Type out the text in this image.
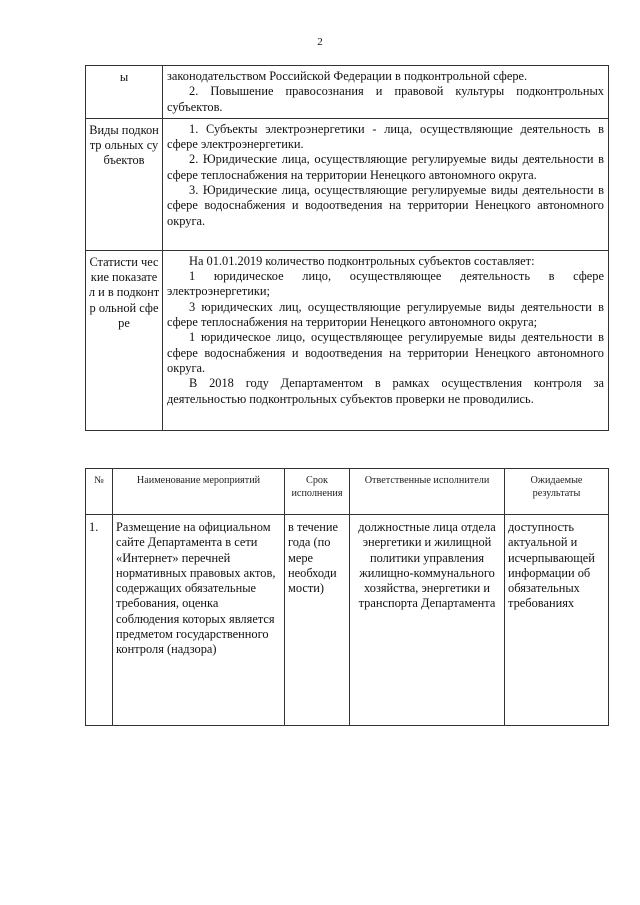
2
ы	законодательством Российской Федерации в подконтрольной сфере.
2. Повышение правосознания и правовой культуры подконтрольных субъектов.

Виды подконтр ольных субъектов	1. Субъекты электроэнергетики - лица, осуществляющие деятельность в сфере электроэнергетики.
2. Юридические лица, осуществляющие регулируемые виды деятельности в сфере теплоснабжения на территории Ненецкого автономного округа.
3. Юридические лица, осуществляющие регулируемые виды деятельности в сфере водоснабжения и водоотведения на территории Ненецкого автономного округа.

Статисти ческие показател и в подконтр ольной сфере	На 01.01.2019 количество подконтрольных субъектов составляет:
1 юридическое лицо, осуществляющее деятельность в сфере электроэнергетики;
3 юридических лиц, осуществляющие регулируемые виды деятельности в сфере теплоснабжения на территории Ненецкого автономного округа;
1 юридическое лицо, осуществляющее регулируемые виды деятельности в сфере водоснабжения и водоотведения на территории Ненецкого автономного округа.
В 2018 году Департаментом в рамках осуществления контроля за деятельностью подконтрольных субъектов проверки не проводились.
№	Наименование мероприятий	Срок исполнения	Ответственные исполнители	Ожидаемые результаты
1.	Размещение на официальном сайте Департамента в сети «Интернет» перечней нормативных правовых актов, содержащих обязательные требования, оценка соблюдения которых является предметом государственного контроля (надзора)	в течение года (по мере необходи мости)	должностные лица отдела энергетики и жилищной политики управления жилищно-коммунального хозяйства, энергетики и транспорта Департамента	доступность актуальной и исчерпывающей информации об обязательных требованиях
